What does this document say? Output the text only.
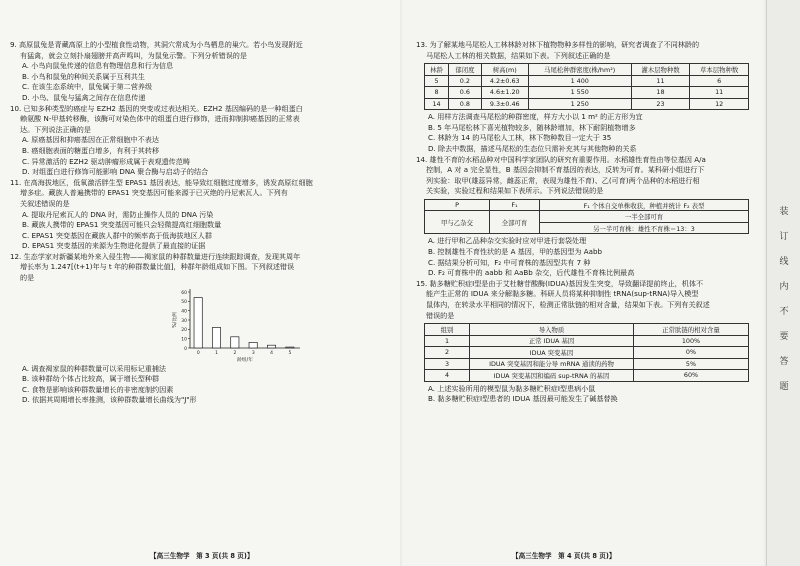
9. 高原鼠兔是青藏高原上的小型植食性动物，其洞穴常成为小鸟栖息的巢穴。若小鸟发现附近

有猛禽，就会立刻扑扇翅膀并高声鸣叫，为鼠兔示警。下列分析错误的是

A. 小鸟向鼠兔传递的信息有物理信息和行为信息
B. 小鸟和鼠兔的种间关系属于互利共生
C. 在该生态系统中，鼠兔属于第二营养级
D. 小鸟、鼠兔与猛禽之间存在信息传递

10. 已知多种类型的癌症与 EZH2 基因的突变或过表达相关。EZH2 基因编码的是一种组蛋白

赖氨酸 N-甲基转移酶，该酶可对染色体中的组蛋白进行修饰，进而抑制抑癌基因的正常表

达。下列说法正确的是

A. 原癌基因和抑癌基因在正常细胞中不表达
B. 癌细胞表面的糖蛋白增多，有利于其转移
C. 异常激活的 EZH2 驱动肿瘤形成属于表观遗传范畴
D. 对组蛋白进行修饰可能影响 DNA 聚合酶与启动子的结合

11. 在高海拔地区，低氧激活胖生型 EPAS1 基因表达，能导致红细胞过度增多，诱发高原红细胞

增多症。藏族人普遍携带的 EPAS1 突变基因可能来源于已灭绝的丹尼索瓦人。下列有

关叙述错误的是

A. 提取丹尼索瓦人的 DNA 时，需防止操作人员的 DNA 污染
B. 藏族人携带的 EPAS1 突变基因可能只会轻微提高红细胞数量
C. EPAS1 突变基因在藏族人群中的频率高于低海拔地区人群
D. EPAS1 突变基因的来源为生物进化提供了最直接的证据

12. 生态学家对新疆某地外来入侵生物——褐家鼠的种群数量进行连续跟踪调查，发现其周年

增长率为 1.247[(t+1)年与 t 年的种群数量比值]，种群年龄组成如下图。下列叙述错误

的是

0
10
20
30
40
50
60
0	1	2	3	4	5
龄组/年
%/比例
A. 调查褐家鼠的种群数量可以采用标记重捕法
B. 该种群幼个体占比较高，属于增长型种群
C. 食物是影响该种群数量增长的非密度制约因素
D. 依据其周期增长率推测，该种群数量增长曲线为"J"形
【高三生物学　第 3 页(共 8 页)】

13. 为了解某地马尾松人工林林龄对林下植物物种多样性的影响，研究者调查了不同林龄的

马尾松人工林的相关数据，结果如下表。下列叙述正确的是

林龄	郁闭度	树高(m)	马尾松种群密度(株/hm²)	灌木层物种数	草本层物种数
5	0.2	4.2±0.63	1 400	11	6
8	0.6	4.6±1.20	1 550	18	11
14	0.8	9.3±0.46	1 250	23	12
A. 用样方法调查马尾松的种群密度，样方大小以 1 m² 的正方形为宜
B. 5 年马尾松林下喜光植物较多，随林龄增加，林下耐阴植物增多
C. 林龄为 14 的马尾松人工林，林下物种数目一定大于 35
D. 除去中数据，描述马尾松的生态位只需补充其与其他物种的关系

14. 雄性不育的水稻品种对中国科学家团队的研究有重要作用。水稻雄性育性由等位基因 A/a

控制，A 对 a 完全显性，B 基因会抑制不育基因的表达，反转为可育。某科研小组进行下

列实验：取甲(雄蕊异常，雌蕊正常，表现为雄性不育)、乙(可育)两个品种的水稻进行相

关实验，实验过程和结果如下表所示。下列说法错误的是

P	F₁	F₁ 个体自交单株收获，种植并统计 F₂ 表型
甲与乙杂交	全部可育	一半全部可育
		另一半可育株：雄性不育株＝13：3
A. 进行甲和乙品种杂交实验时应对甲进行套袋处理
B. 控制雄性不育性状的是 A 基因，甲的基因型为 Aabb
C. 据结果分析可知，F₂ 中可育株的基因型共有 7 种
D. F₂ 可育株中的 aabb 和 AaBb 杂交，后代雄性不育株比例最高

15. 黏多糖贮积症Ⅰ型是由于艾杜糖苷酸酶(IDUA)基因发生突变，导致翻译提前终止，机体不

能产生正常的 IDUA 来分解黏多糖。科研人员将某种抑制性 tRNA(sup-tRNA)导入模型

鼠体内，在转录水平相同的情况下，检测正常肽链的相对含量，结果如下表。下列有关叙述

错误的是

组别	导入物质	正常肽链的相对含量
1	正常 IDUA 基因	100%
2	IDUA 突变基因	0%
3	IDUA 突变基因和能分导 mRNA 通读的药物	5%
4	IDUA 突变基因和编码 sup-tRNA 的基因	60%
A. 上述实验所用的模型鼠为黏多糖贮积症Ⅰ型患病小鼠
B. 黏多糖贮积症Ⅰ型患者的 IDUA 基因最可能发生了碱基替换
【高三生物学　第 4 页(共 8 页)】
装
订
线
内
不
要
答
题
